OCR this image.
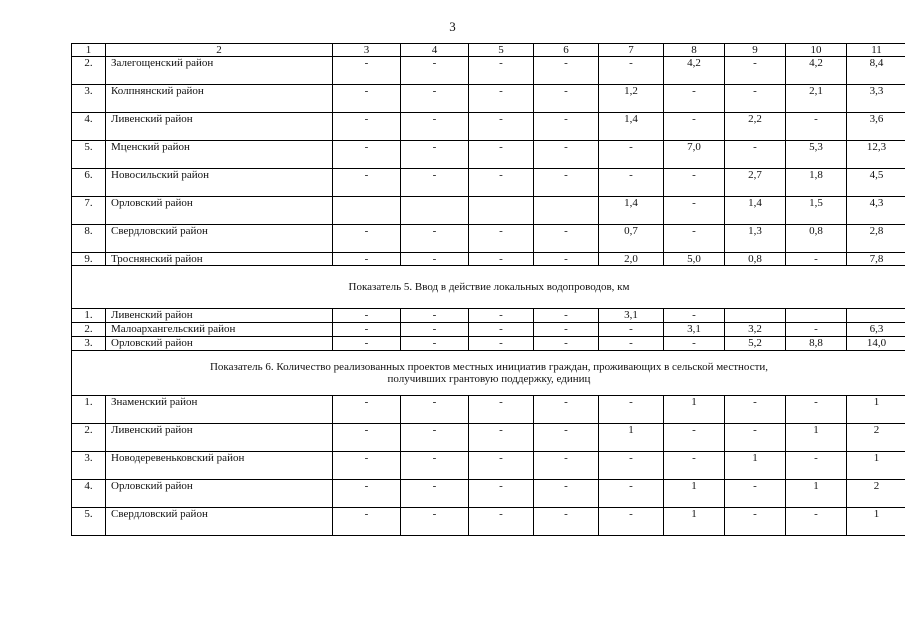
3
1	2	3	4	5	6	7	8	9	10	11
2.	Залегощенский район	-	-	-	-	-	4,2	-	4,2	8,4
3.	Колпнянский район	-	-	-	-	1,2	-	-	2,1	3,3
4.	Ливенский район	-	-	-	-	1,4	-	2,2	-	3,6
5.	Мценский район	-	-	-	-	-	7,0	-	5,3	12,3
6.	Новосильский район	-	-	-	-	-	-	2,7	1,8	4,5
7.	Орловский район					1,4	-	1,4	1,5	4,3
8.	Свердловский район	-	-	-	-	0,7	-	1,3	0,8	2,8
9.	Троснянский район	-	-	-	-	2,0	5,0	0,8	-	7,8

Показатель 5. Ввод в действие локальных водопроводов, км										

1.	Ливенский район	-	-	-	-	3,1	-			
2.	Малоархангельский район	-	-	-	-	-	3,1	3,2	-	6,3
3.	Орловский район	-	-	-	-	-	-	5,2	8,8	14,0

Показатель 6. Количество реализованных проектов местных инициатив граждан, проживающих в сельской местности,
получивших грантовую поддержку, единиц										

1.	Знаменский район	-	-	-	-	-	1	-	-	1
2.	Ливенский район	-	-	-	-	1	-	-	1	2
3.	Новодеревеньковский район	-	-	-	-	-	-	1	-	1
4.	Орловский район	-	-	-	-	-	1	-	1	2
5.	Свердловский район	-	-	-	-	-	1	-	-	1
